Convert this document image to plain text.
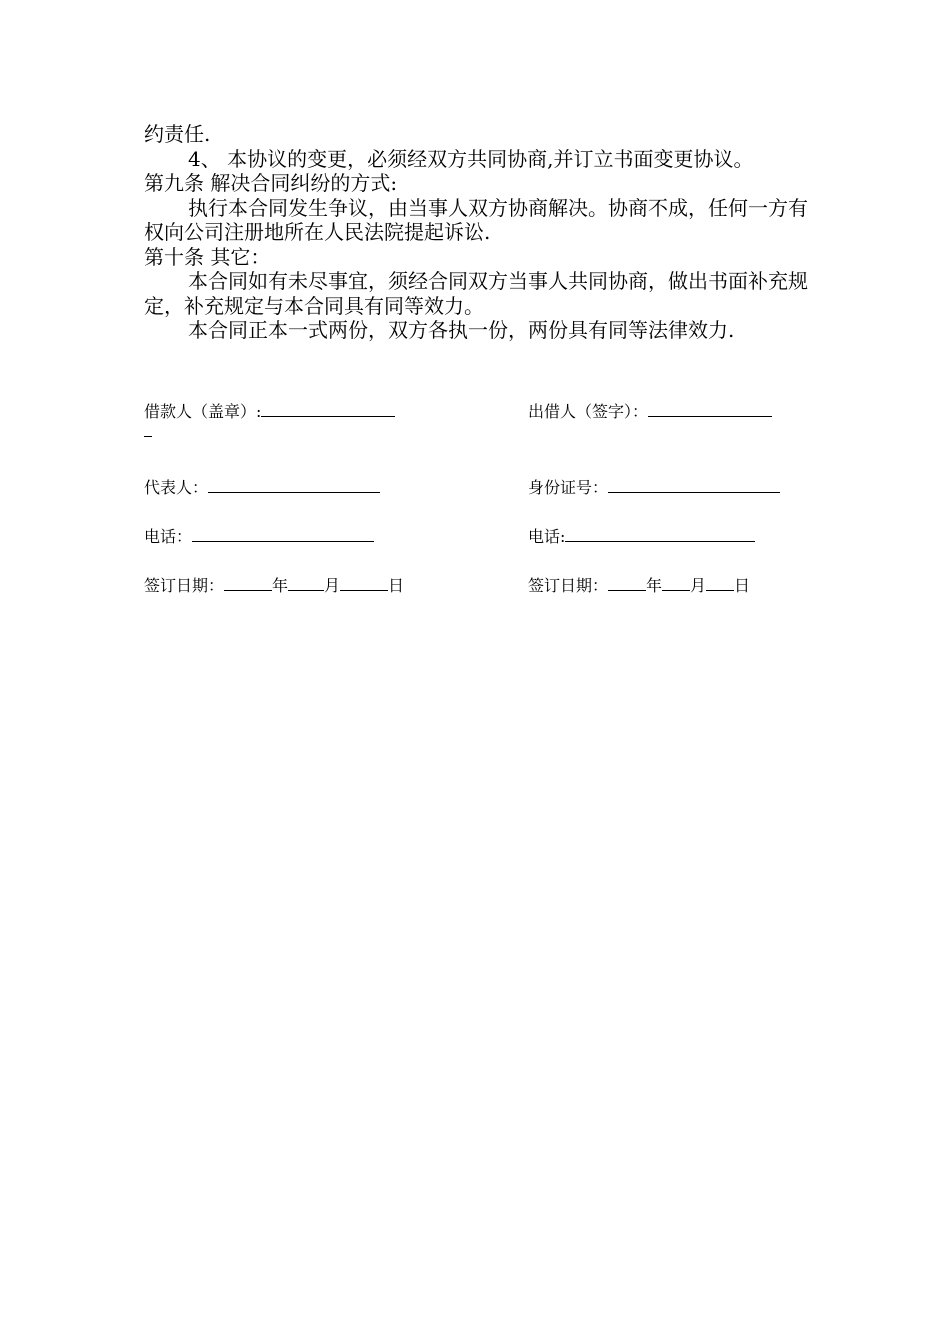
约责任.

4、 本协议的变更，必须经双方共同协商,并订立书面变更协议。

第九条 解决合同纠纷的方式:

执行本合同发生争议，由当事人双方协商解决。协商不成，任何一方有权向公司注册地所在人民法院提起诉讼.

第十条 其它：

本合同如有未尽事宜，须经合同双方当事人共同协商，做出书面补充规定，补充规定与本合同具有同等效力。

本合同正本一式两份，双方各执一份，两份具有同等法律效力.

借款人（盖章）:
代表人：
电话：
签订日期：	年 月	日
出借人（签字）：
身份证号：
电话:
签订日期： 年 月 日
